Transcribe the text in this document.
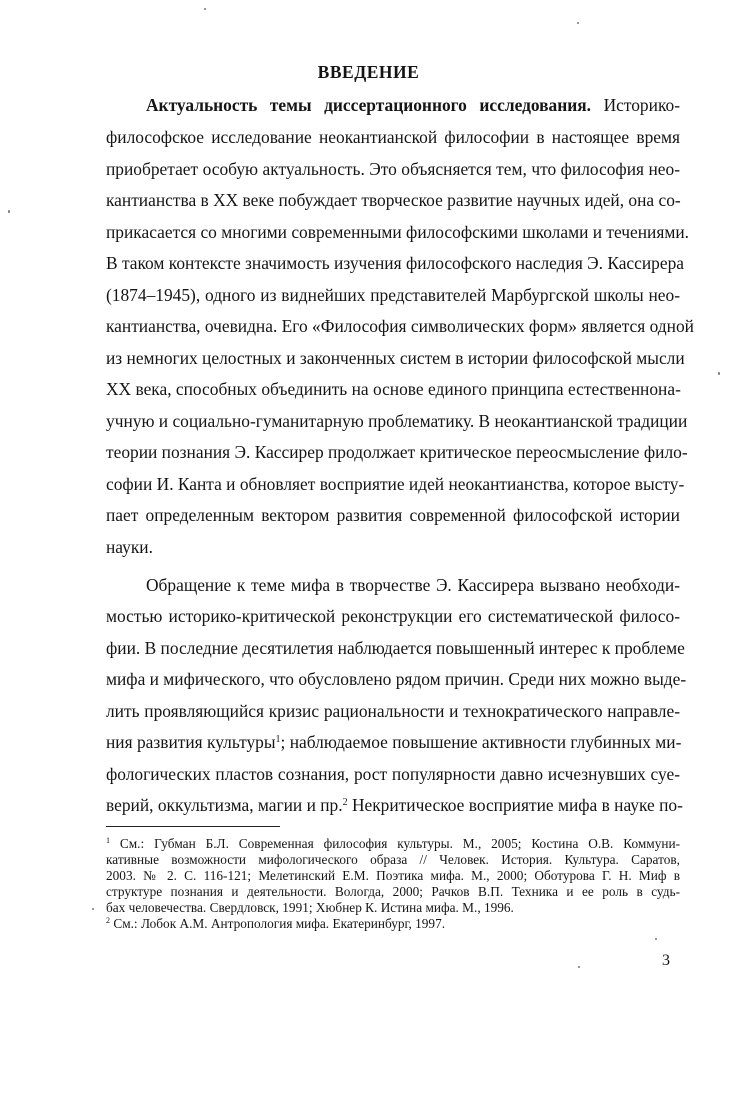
ВВЕДЕНИЕ
Актуальность темы диссертационного исследования. Историко-
философское исследование неокантианской философии в настоящее время
приобретает особую актуальность. Это объясняется тем, что философия нео-
кантианства в XX веке побуждает творческое развитие научных идей, она со-
прикасается со многими современными философскими школами и течениями.
В таком контексте значимость изучения философского наследия Э. Кассирера
(1874–1945), одного из виднейших представителей Марбургской школы нео-
кантианства, очевидна. Его «Философия символических форм» является одной
из немногих целостных и законченных систем в истории философской мысли
XX века, способных объединить на основе единого принципа естественнона-
учную и социально-гуманитарную проблематику. В неокантианской традиции
теории познания Э. Кассирер продолжает критическое переосмысление фило-
софии И. Канта и обновляет восприятие идей неокантианства, которое высту-
пает определенным вектором развития современной философской истории
науки.
Обращение к теме мифа в творчестве Э. Кассирера вызвано необходи-
мостью историко-критической реконструкции его систематической филосо-
фии. В последние десятилетия наблюдается повышенный интерес к проблеме
мифа и мифического, что обусловлено рядом причин. Среди них можно выде-
лить проявляющийся кризис рациональности и технократического направле-
ния развития культуры$^1$; наблюдаемое повышение активности глубинных ми-
фологических пластов сознания, рост популярности давно исчезнувших суе-
верий, оккультизма, магии и пр.$^2$ Некритическое восприятие мифа в науке по-
$^1$ См.: Губман Б.Л. Современная философия культуры. М., 2005; Костина О.В. Коммуни-
кативные возможности мифологического образа // Человек. История. Культура. Саратов,
2003. № 2. С. 116-121; Мелетинский Е.М. Поэтика мифа. М., 2000; Оботурова Г. Н. Миф в
структуре познания и деятельности. Вологда, 2000; Рачков В.П. Техника и ее роль в судь-
бах человечества. Свердловск, 1991; Хюбнер К. Истина мифа. М., 1996.
$^2$ См.: Лобок А.М. Антропология мифа. Екатеринбург, 1997.
3
